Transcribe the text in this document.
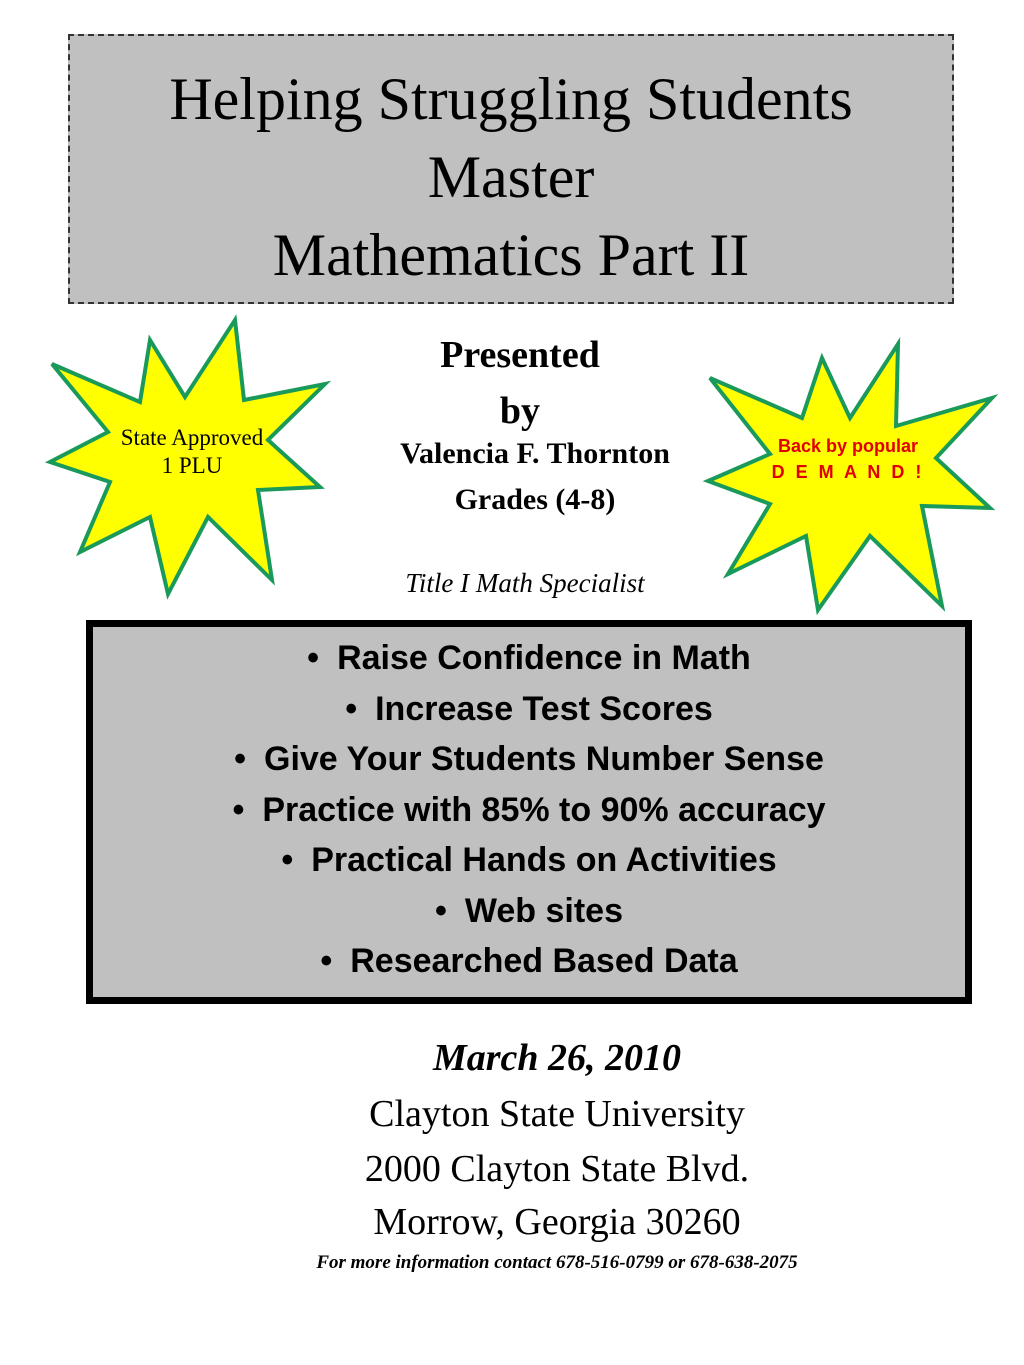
Helping Struggling Students
Master
Mathematics Part II
State Approved
1 PLU
Presented
by
Valencia F. Thornton
Grades (4-8)
Title I Math Specialist
Back by popular
D E M A N D !
• Raise Confidence in Math
• Increase Test Scores
• Give Your Students Number Sense
• Practice with 85% to 90% accuracy
• Practical Hands on Activities
• Web sites
• Researched Based Data
March 26, 2010
Clayton State University
2000 Clayton State Blvd.
Morrow, Georgia 30260
For more information contact 678-516-0799 or 678-638-2075
